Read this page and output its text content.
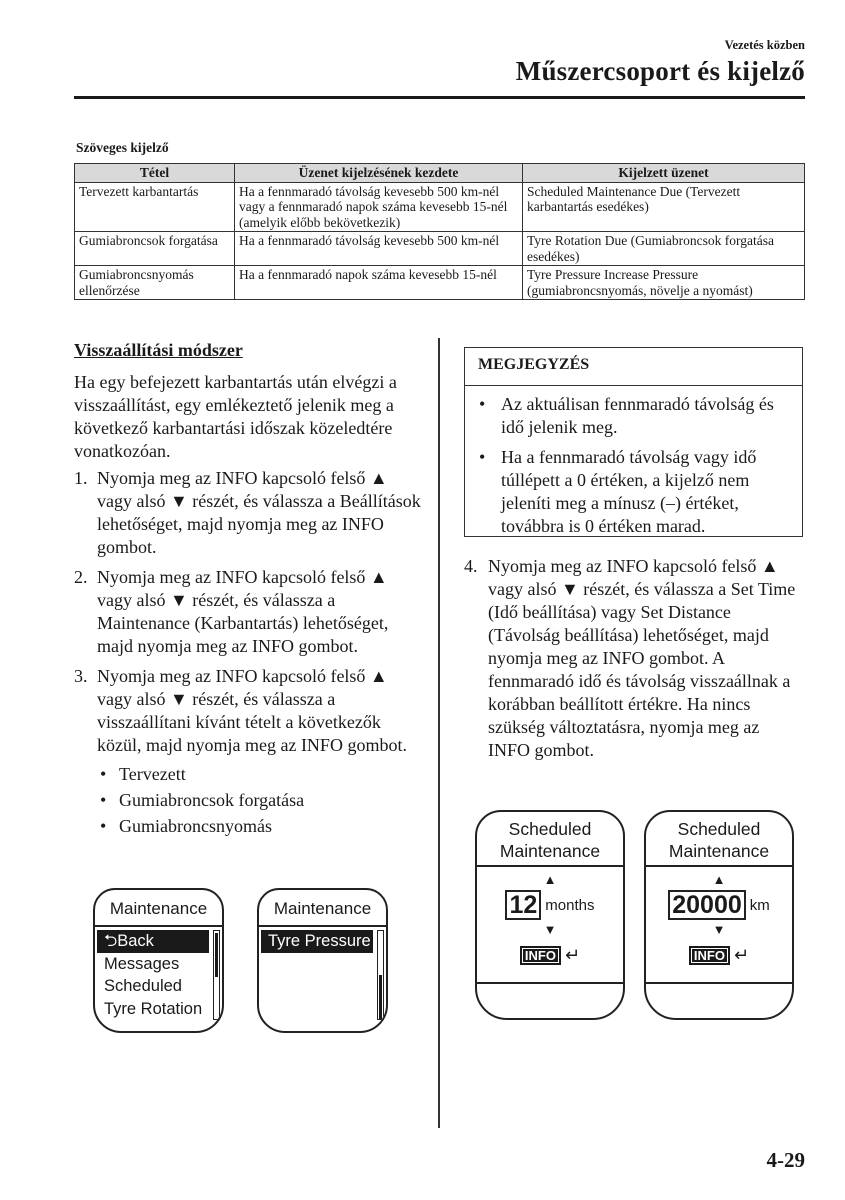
Vezetés közben
Műszercsoport és kijelző
Szöveges kijelző
Tétel	Üzenet kijelzésének kezdete	Kijelzett üzenet
Tervezett karbantartás	Ha a fennmaradó távolság kevesebb 500 km-nél vagy a fennmaradó napok száma kevesebb 15-nél (amelyik előbb bekövetkezik)	Scheduled Maintenance Due (Tervezett karbantartás esedékes)
Gumiabroncsok forgatása	Ha a fennmaradó távolság kevesebb 500 km-nél	Tyre Rotation Due (Gumiabroncsok forgatása esedékes)
Gumiabroncsnyomás ellenőrzése	Ha a fennmaradó napok száma kevesebb 15-nél	Tyre Pressure Increase Pressure (gumiabroncsnyomás, növelje a nyomást)
Visszaállítási módszer
Ha egy befejezett karbantartás után elvégzi a visszaállítást, egy emlékeztető jelenik meg a következő karbantartási időszak közeledtére vonatkozóan.
1. Nyomja meg az INFO kapcsoló felső ▲ vagy alsó ▼ részét, és válassza a Beállítások lehetőséget, majd nyomja meg az INFO gombot.
2. Nyomja meg az INFO kapcsoló felső ▲ vagy alsó ▼ részét, és válassza a Maintenance (Karbantartás) lehetőséget, majd nyomja meg az INFO gombot.
3. Nyomja meg az INFO kapcsoló felső ▲ vagy alsó ▼ részét, és válassza a visszaállítani kívánt tételt a következők közül, majd nyomja meg az INFO gombot.
• Tervezett
• Gumiabroncsok forgatása
• Gumiabroncsnyomás
MEGJEGYZÉS
• Az aktuálisan fennmaradó távolság és idő jelenik meg.
• Ha a fennmaradó távolság vagy idő túllépett a 0 értéken, a kijelző nem jeleníti meg a mínusz (–) értéket, továbbra is 0 értéken marad.
4. Nyomja meg az INFO kapcsoló felső ▲ vagy alsó ▼ részét, és válassza a Set Time (Idő beállítása) vagy Set Distance (Távolság beállítása) lehetőséget, majd nyomja meg az INFO gombot. A fennmaradó idő és távolság visszaállnak a korábban beállított értékre. Ha nincs szükség változtatásra, nyomja meg az INFO gombot.
Maintenance
⮌Back
Messages
Scheduled
Tyre Rotation
Maintenance
Tyre Pressure
Scheduled
Maintenance
▲
12 months
▼
INFO ↵
Scheduled
Maintenance
▲
20000 km
▼
INFO ↵
4-29
